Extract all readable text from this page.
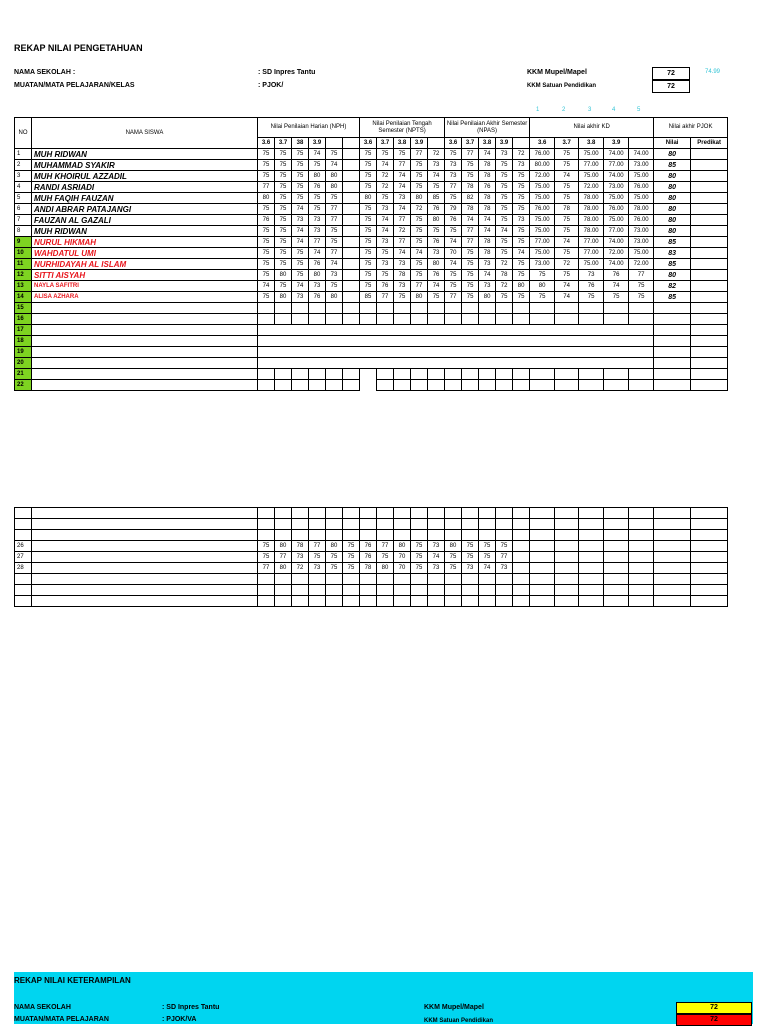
REKAP NILAI PENGETAHUAN
NAMA SEKOLAH :	: SD Inpres Tantu
MUATAN/MATA PELAJARAN/KELAS	: PJOK/
KKM Mupel/Mapel	72	74.99
KKM Satuan Pendidikan	72
1	2	3	4	5
NO	NAMA SISWA	Nilai Penilaian Harian (NPH)						Nilai Penilaian Tengah Semester (NPTS)					Nilai Penilaian Akhir Semester (NPAS)					Nilai akhir KD					Nilai akhir PJOK	
		3.6	3.7	38	3.9			3.6	3.7	3.8	3.9		3.6	3.7	3.8	3.9		3.6	3.7	3.8	3.9		Nilai	Predikat
1	MUH RIDWAN	75	75	75	74	75		75	75	75	77	72	75	77	74	73	72	76.00	75	75.00	74.00	74.00	80	
2	MUHAMMAD SYAKIR	75	75	75	75	74		75	74	77	75	73	73	75	78	75	73	80.00	75	77.00	77.00	73.00	85	
3	MUH KHOIRUL AZZADIL	75	75	75	80	80		75	72	74	75	74	73	75	78	75	75	72.00	74	75.00	74.00	75.00	80	
4	RANDI ASRIADI	77	75	75	76	80		75	72	74	75	75	77	78	76	75	75	75.00	75	72.00	73.00	76.00	80	
5	MUH FAQIH FAUZAN	80	75	75	75	75		80	75	73	80	85	75	82	78	75	75	75.00	75	78.00	75.00	75.00	80	
6	ANDI ABRAR PATAJANGI	75	75	74	75	77		75	73	74	72	76	79	78	78	75	75	76.00	78	78.00	76.00	78.00	80	
7	FAUZAN AL GAZALI	76	75	73	73	77		75	74	77	75	80	76	74	74	75	73	75.00	75	78.00	75.00	76.00	80	
8	MUH RIDWAN	75	75	74	73	75		75	74	72	75	75	75	77	74	74	75	75.00	75	78.00	77.00	73.00	80	
9	NURUL HIKMAH	75	75	74	77	75		75	73	77	75	76	74	77	78	75	75	77.00	74	77.00	74.00	73.00	85	
10	WAHDATUL UMI	75	75	75	74	77		75	75	74	74	73	70	75	78	75	74	75.00	75	77.00	72.00	75.00	83	
11	NURHIDAYAH AL ISLAM	75	75	75	76	74		75	73	73	75	80	74	75	73	72	75	73.00	72	75.00	74.00	72.00	85	
12	SITTI AISYAH	75	80	75	80	73		75	75	78	75	76	75	75	74	78	75	75	75	73	76	77	80	
13	NAYLA SAFITRI	74	75	74	73	75		75	76	73	77	74	75	75	73	72	80	80	74	76	74	75	82	
14	ALISA AZHARA	75	80	73	76	80		85	77	75	80	75	77	75	80	75	75	75	74	75	75	75	85	
15																								
16																								
17																								
18																								
19																								
20																								
21																								
22																								

26		75	80	78	77	80	75	76	77	80	75	73	80	75	75	75								
27		75	77	73	75	75	75	76	75	70	75	74	75	75	75	77								
28		77	80	72	73	75	75	78	80	70	75	73	75	73	74	73								

REKAP NILAI KETERAMPILAN
NAMA SEKOLAH	: SD Inpres Tantu
MUATAN/MATA PELAJARAN	: PJOK/VA
KKM Mupel/Mapel
KKM Satuan Pendidikan
72
72
